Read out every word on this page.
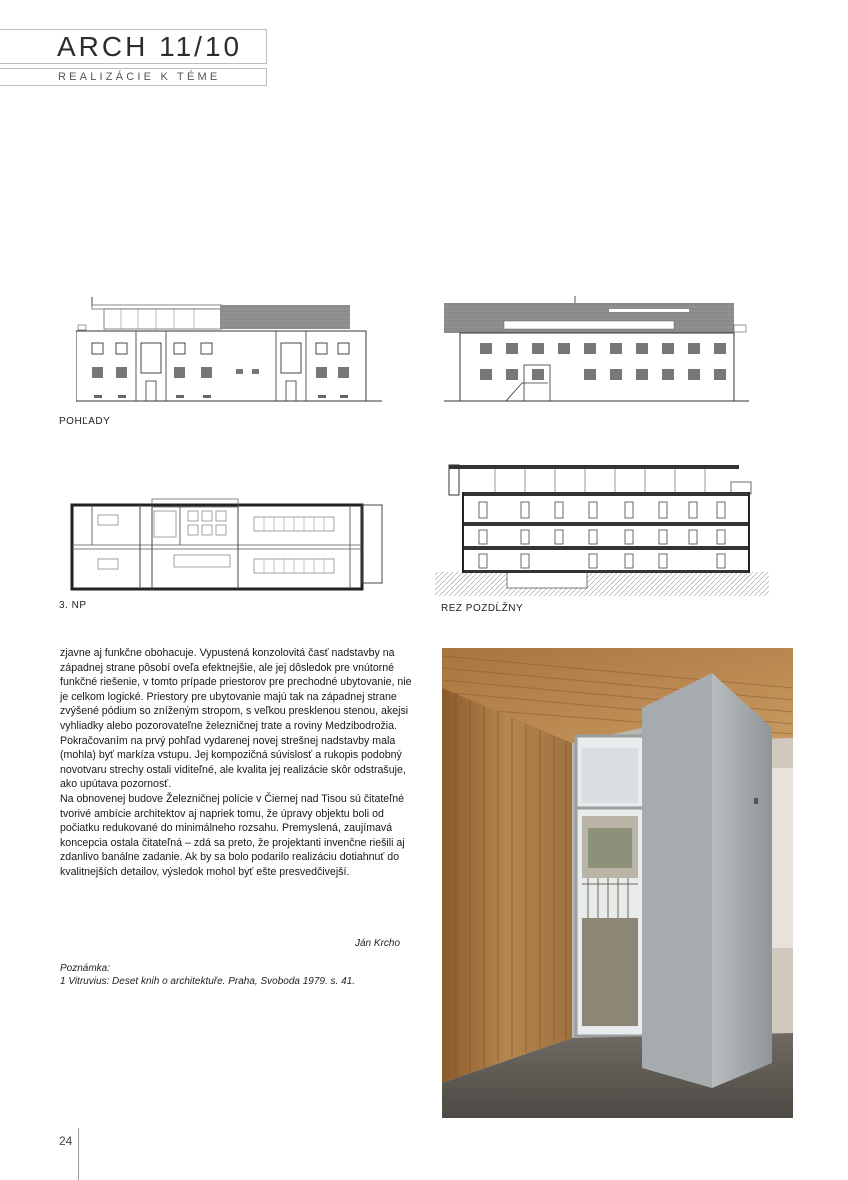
ARCH 11/10
REALIZÁCIE K TÉME
POHĽADY
3. NP	REZ POZDĹŽNY

zjavne aj funkčne obohacuje. Vypustená konzolovitá časť nadstavby na západnej strane pôsobí oveľa efektnejšie, ale jej dôsledok pre vnútorné funkčné riešenie, v tomto prípade priestorov pre prechodné ubytovanie, nie je celkom logické. Priestory pre ubytovanie majú tak na západnej strane zvýšené pódium so zníženým stropom, s veľkou presklenou stenou, akejsi vyhliadky alebo pozorovateľne železničnej trate a roviny Medzibodrožia. Pokračovaním na prvý pohľad vydarenej novej strešnej nadstavby mala (mohla) byť markíza vstupu. Jej kompozičná súvislosť a rukopis podobný novotvaru strechy ostali viditeľné, ale kvalita jej realizácie skôr odstrašuje, ako upútava pozornosť.

Na obnovenej budove Železničnej polície v Čiernej nad Tisou sú čitateľné tvorivé ambície architektov aj napriek tomu, že úpravy objektu boli od počiatku redukované do minimálneho rozsahu. Premyslená, zaujímavá koncepcia ostala čitateľná – zdá sa preto, že projektanti invenčne riešili aj zdanlivo banálne zadanie. Ak by sa bolo podarilo realizáciu dotiahnuť do kvalitnejších detailov, výsledok mohol byť ešte presvedčivejší.

Ján Krcho
Poznámka:
1 Vitruvius: Deset knih o architektuře. Praha, Svoboda 1979. s. 41.
24
